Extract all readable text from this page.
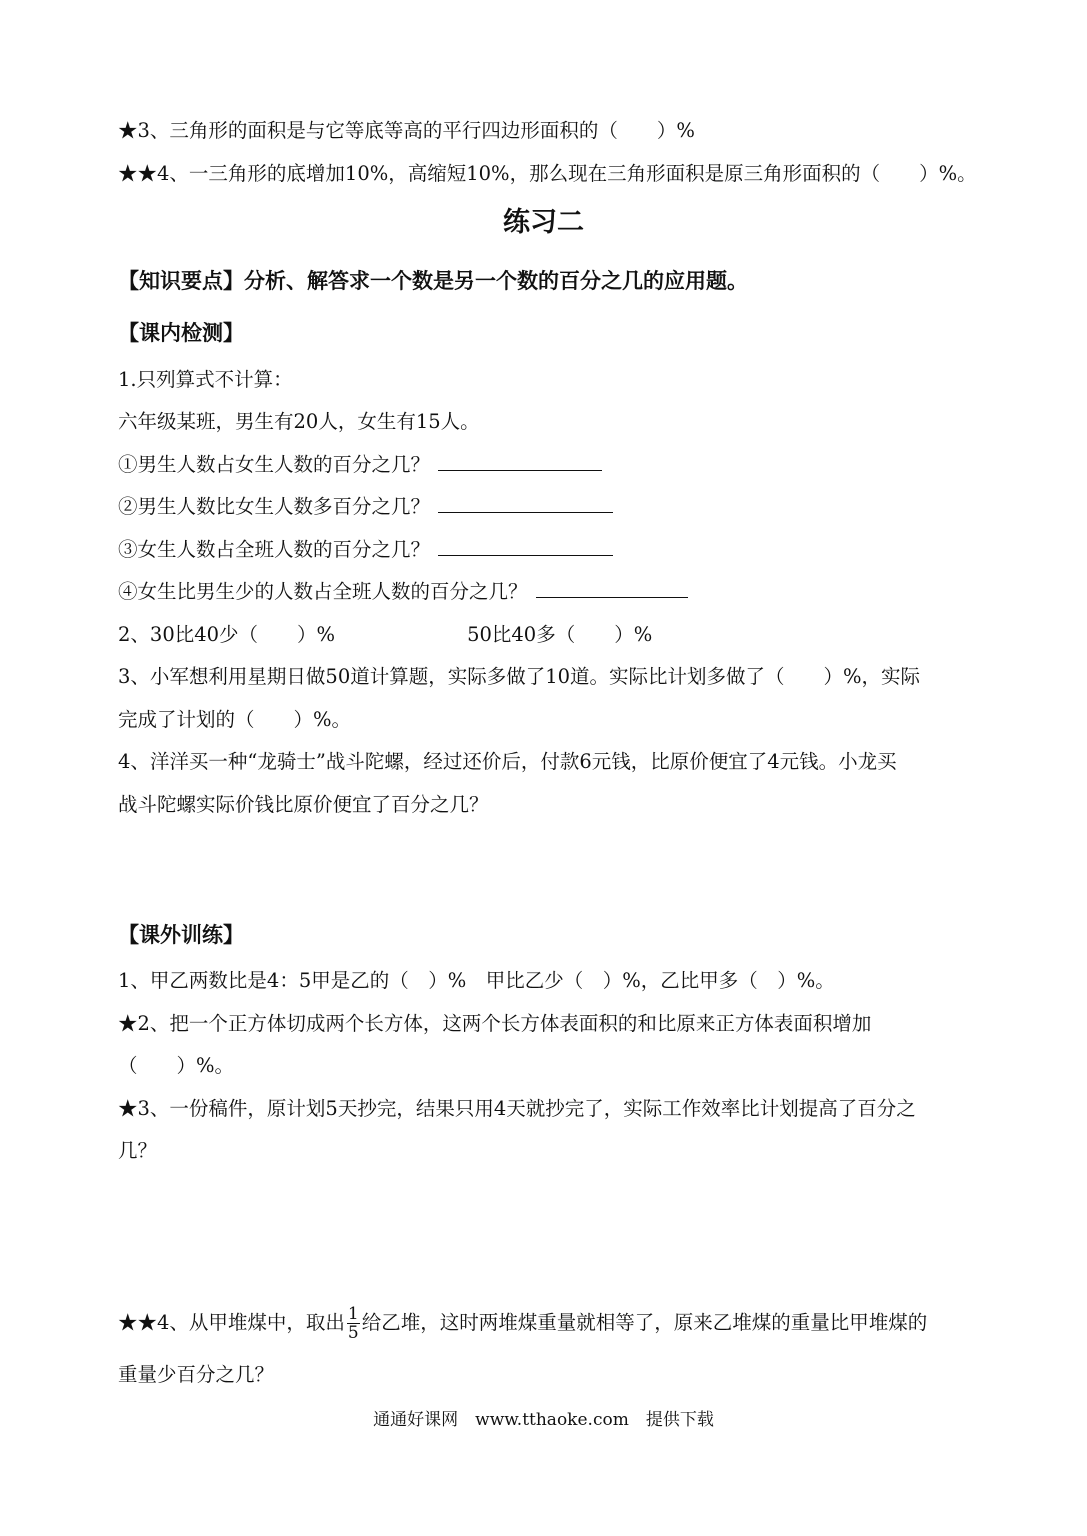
★3、三角形的面积是与它等底等高的平行四边形面积的（　　）%
★★4、一三角形的底增加10%，高缩短10%，那么现在三角形面积是原三角形面积的（　　）%。
练习二
【知识要点】分析、解答求一个数是另一个数的百分之几的应用题。
【课内检测】
1.只列算式不计算：
六年级某班，男生有20人，女生有15人。
①男生人数占女生人数的百分之几？
②男生人数比女生人数多百分之几？
③女生人数占全班人数的百分之几？
④女生比男生少的人数占全班人数的百分之几？
2、30比40少（　　）%	50比40多（　　）%
3、小军想利用星期日做50道计算题，实际多做了10道。实际比计划多做了（　　）%，实际
完成了计划的（　　）%。
4、洋洋买一种“龙骑士”战斗陀螺，经过还价后，付款6元钱，比原价便宜了4元钱。小龙买
战斗陀螺实际价钱比原价便宜了百分之几？
【课外训练】
1、甲乙两数比是4：5甲是乙的（　）%　甲比乙少（　）%，乙比甲多（　）%。
★2、把一个正方体切成两个长方体，这两个长方体表面积的和比原来正方体表面积增加
（　　）%。
★3、一份稿件，原计划5天抄完，结果只用4天就抄完了，实际工作效率比计划提高了百分之
几？
★★4、从甲堆煤中，取出 $\frac{1}{5}$ 给乙堆，这时两堆煤重量就相等了，原来乙堆煤的重量比甲堆煤的
重量少百分之几？
通通好课网　www.tthaoke.com　提供下载
